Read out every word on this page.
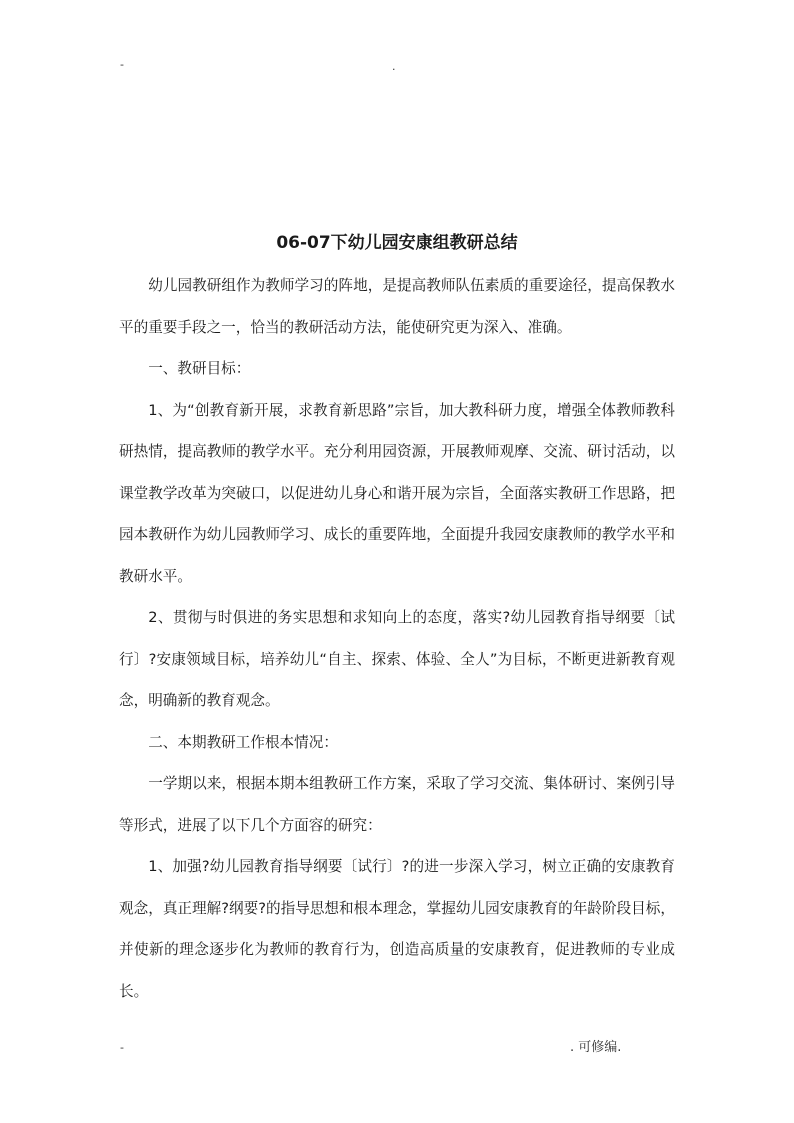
-	.
06-07下幼儿园安康组教研总结

幼儿园教研组作为教师学习的阵地，是提高教师队伍素质的重要途径，提高保教水平的重要手段之一，恰当的教研活动方法，能使研究更为深入、准确。

一、教研目标：

1、为“创教育新开展，求教育新思路”宗旨，加大教科研力度，增强全体教师教科研热情，提高教师的教学水平。充分利用园资源，开展教师观摩、交流、研讨活动，以课堂教学改革为突破口，以促进幼儿身心和谐开展为宗旨，全面落实教研工作思路，把园本教研作为幼儿园教师学习、成长的重要阵地，全面提升我园安康教师的教学水平和教研水平。

2、贯彻与时俱进的务实思想和求知向上的态度，落实?幼儿园教育指导纲要〔试行〕?安康领域目标，培养幼儿“自主、探索、体验、全人”为目标，不断更进新教育观念，明确新的教育观念。

二、本期教研工作根本情况：

一学期以来，根据本期本组教研工作方案，采取了学习交流、集体研讨、案例引导等形式，进展了以下几个方面容的研究：

1、加强?幼儿园教育指导纲要〔试行〕?的进一步深入学习，树立正确的安康教育观念，真正理解?纲要?的指导思想和根本理念，掌握幼儿园安康教育的年龄阶段目标，并使新的理念逐步化为教师的教育行为，创造高质量的安康教育，促进教师的专业成长。

-	. 可修编.
